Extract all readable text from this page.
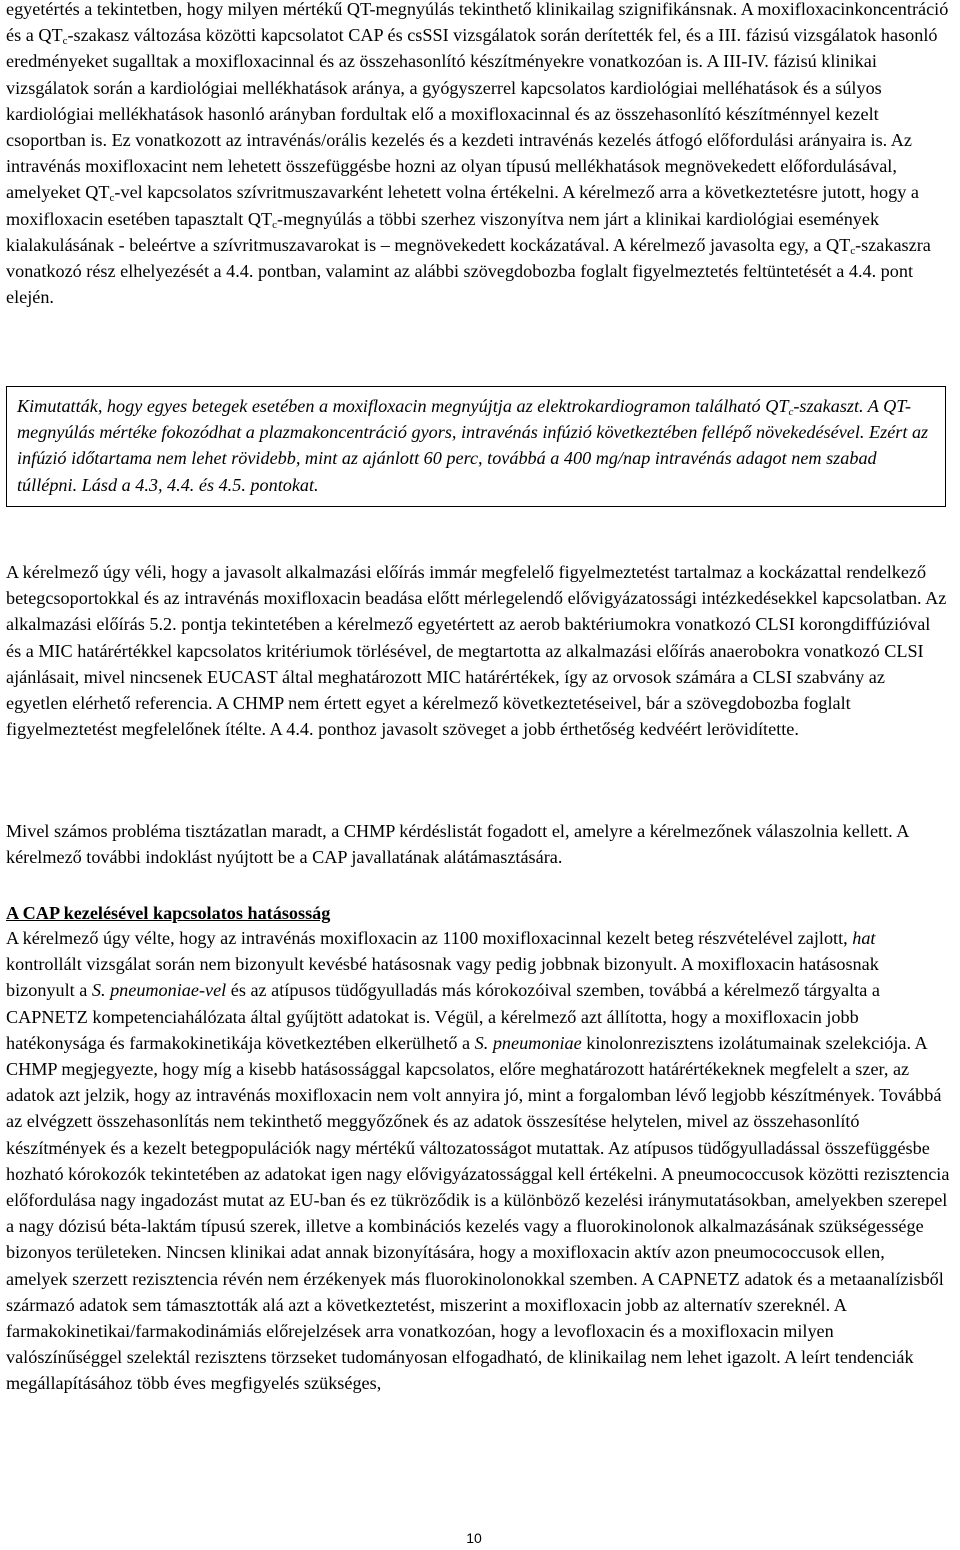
egyetértés a tekintetben, hogy milyen mértékű QT-megnyúlás tekinthető klinikailag szignifikánsnak. A moxifloxacinkoncentráció és a $QT_c$-szakasz változása közötti kapcsolatot CAP és csSSI vizsgálatok során derítették fel, és a III. fázisú vizsgálatok hasonló eredményeket sugalltak a moxifloxacinnal és az összehasonlító készítményekre vonatkozóan is. A III-IV. fázisú klinikai vizsgálatok során a kardiológiai mellékhatások aránya, a gyógyszerrel kapcsolatos kardiológiai melléhatások és a súlyos kardiológiai mellékhatások hasonló arányban fordultak elő a moxifloxacinnal és az összehasonlító készítménnyel kezelt csoportban is. Ez vonatkozott az intravénás/orális kezelés és a kezdeti intravénás kezelés átfogó előfordulási arányaira is. Az intravénás moxifloxacint nem lehetett összefüggésbe hozni az olyan típusú mellékhatások megnövekedett előfordulásával, amelyeket $QT_c$-vel kapcsolatos szívritmuszavarként lehetett volna értékelni. A kérelmező arra a következtetésre jutott, hogy a moxifloxacin esetében tapasztalt $QT_c$-megnyúlás a többi szerhez viszonyítva nem járt a klinikai kardiológiai események kialakulásának - beleértve a szívritmuszavarokat is – megnövekedett kockázatával. A kérelmező javasolta egy, a $QT_c$-szakaszra vonatkozó rész elhelyezését a 4.4. pontban, valamint az alábbi szövegdobozba foglalt figyelmeztetés feltüntetését a 4.4. pont elején.

Kimutatták, hogy egyes betegek esetében a moxifloxacin megnyújtja az elektrokardiogramon található $QT_c$-szakaszt. A QT-megnyúlás mértéke fokozódhat a plazmakoncentráció gyors, intravénás infúzió következtében fellépő növekedésével. Ezért az infúzió időtartama nem lehet rövidebb, mint az ajánlott 60 perc, továbbá a 400 mg/nap intravénás adagot nem szabad túllépni. Lásd a 4.3, 4.4. és 4.5. pontokat.

A kérelmező úgy véli, hogy a javasolt alkalmazási előírás immár megfelelő figyelmeztetést tartalmaz a kockázattal rendelkező betegcsoportokkal és az intravénás moxifloxacin beadása előtt mérlegelendő elővigyázatossági intézkedésekkel kapcsolatban. Az alkalmazási előírás 5.2. pontja tekintetében a kérelmező egyetértett az aerob baktériumokra vonatkozó CLSI korongdiffúzióval és a MIC határértékkel kapcsolatos kritériumok törlésével, de megtartotta az alkalmazási előírás anaerobokra vonatkozó CLSI ajánlásait, mivel nincsenek EUCAST által meghatározott MIC határértékek, így az orvosok számára a CLSI szabvány az egyetlen elérhető referencia. A CHMP nem értett egyet a kérelmező következtetéseivel, bár a szövegdobozba foglalt figyelmeztetést megfelelőnek ítélte. A 4.4. ponthoz javasolt szöveget a jobb érthetőség kedvéért lerövidítette.

Mivel számos probléma tisztázatlan maradt, a CHMP kérdéslistát fogadott el, amelyre a kérelmezőnek válaszolnia kellett. A kérelmező további indoklást nyújtott be a CAP javallatának alátámasztására.

A CAP kezelésével kapcsolatos hatásosság

A kérelmező úgy vélte, hogy az intravénás moxifloxacin az 1100 moxifloxacinnal kezelt beteg részvételével zajlott, hat kontrollált vizsgálat során nem bizonyult kevésbé hatásosnak vagy pedig jobbnak bizonyult. A moxifloxacin hatásosnak bizonyult a S. pneumoniae-vel és az atípusos tüdőgyulladás más kórokozóival szemben, továbbá a kérelmező tárgyalta a CAPNETZ kompetenciahálózata által gyűjtött adatokat is. Végül, a kérelmező azt állította, hogy a moxifloxacin jobb hatékonysága és farmakokinetikája következtében elkerülhető a S. pneumoniae kinolonrezisztens izolátumainak szelekciója. A CHMP megjegyezte, hogy míg a kisebb hatásossággal kapcsolatos, előre meghatározott határértékeknek megfelelt a szer, az adatok azt jelzik, hogy az intravénás moxifloxacin nem volt annyira jó, mint a forgalomban lévő legjobb készítmények. Továbbá az elvégzett összehasonlítás nem tekinthető meggyőzőnek és az adatok összesítése helytelen, mivel az összehasonlító készítmények és a kezelt betegpopulációk nagy mértékű változatosságot mutattak. Az atípusos tüdőgyulladással összefüggésbe hozható kórokozók tekintetében az adatokat igen nagy elővigyázatossággal kell értékelni. A pneumococcusok közötti rezisztencia előfordulása nagy ingadozást mutat az EU-ban és ez tükröződik is a különböző kezelési iránymutatásokban, amelyekben szerepel a nagy dózisú béta-laktám típusú szerek, illetve a kombinációs kezelés vagy a fluorokinolonok alkalmazásának szükségessége bizonyos területeken. Nincsen klinikai adat annak bizonyítására, hogy a moxifloxacin aktív azon pneumococcusok ellen, amelyek szerzett rezisztencia révén nem érzékenyek más fluorokinolonokkal szemben. A CAPNETZ adatok és a metaanalízisből származó adatok sem támasztották alá azt a következtetést, miszerint a moxifloxacin jobb az alternatív szereknél. A farmakokinetikai/farmakodinámiás előrejelzések arra vonatkozóan, hogy a levofloxacin és a moxifloxacin milyen valószínűséggel szelektál rezisztens törzseket tudományosan elfogadható, de klinikailag nem lehet igazolt. A leírt tendenciák megállapításához több éves megfigyelés szükséges,

10
